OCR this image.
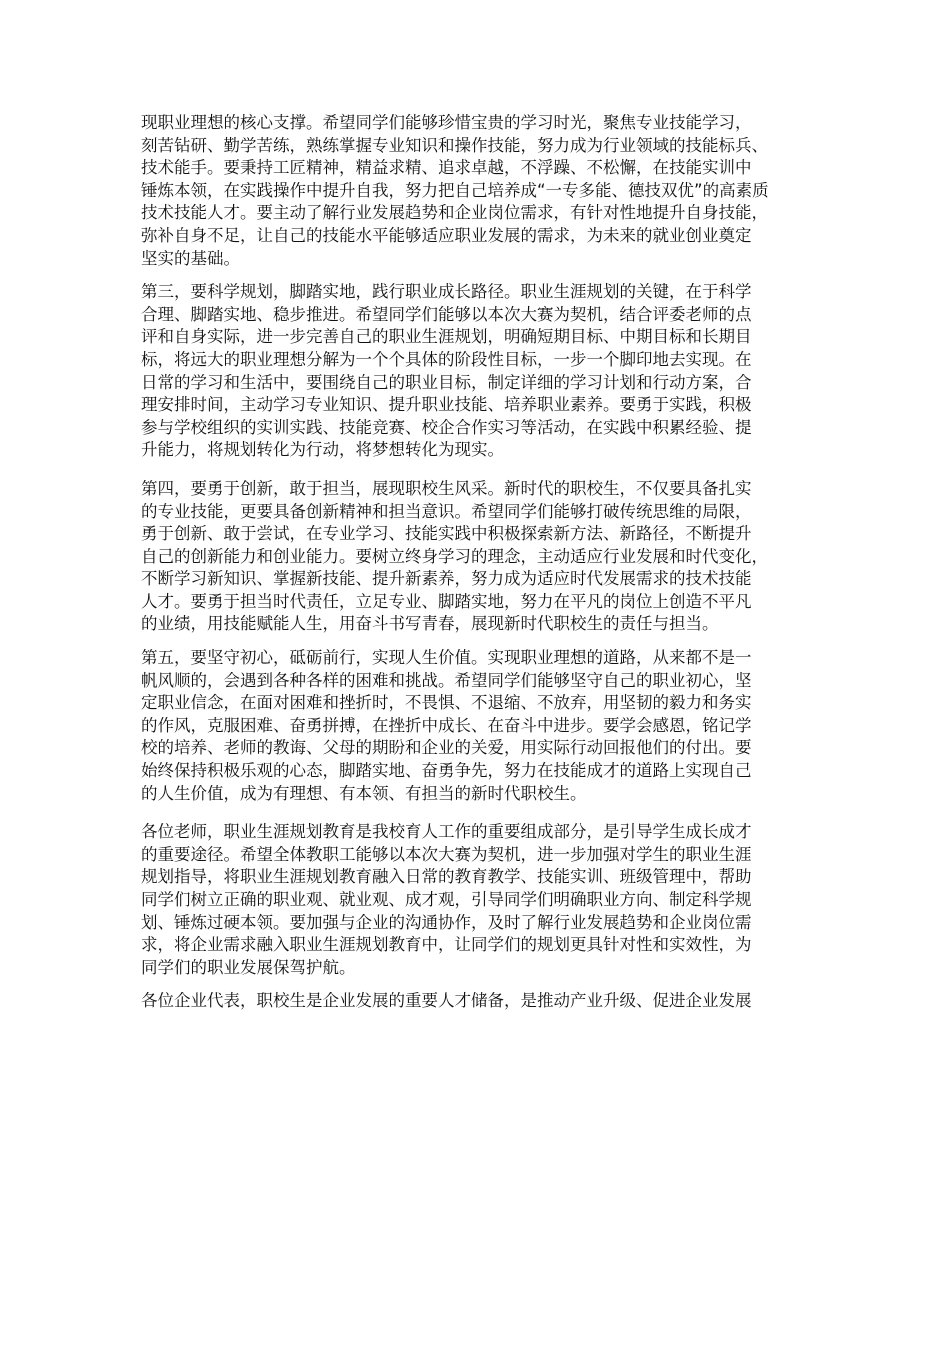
现职业理想的核心支撑。希望同学们能够珍惜宝贵的学习时光，聚焦专业技能学习，
刻苦钻研、勤学苦练，熟练掌握专业知识和操作技能，努力成为行业领域的技能标兵、
技术能手。要秉持工匠精神，精益求精、追求卓越，不浮躁、不松懈，在技能实训中
锤炼本领，在实践操作中提升自我，努力把自己培养成“一专多能、德技双优”的高素质
技术技能人才。要主动了解行业发展趋势和企业岗位需求，有针对性地提升自身技能，
弥补自身不足，让自己的技能水平能够适应职业发展的需求，为未来的就业创业奠定
坚实的基础。

第三，要科学规划，脚踏实地，践行职业成长路径。职业生涯规划的关键，在于科学
合理、脚踏实地、稳步推进。希望同学们能够以本次大赛为契机，结合评委老师的点
评和自身实际，进一步完善自己的职业生涯规划，明确短期目标、中期目标和长期目
标，将远大的职业理想分解为一个个具体的阶段性目标，一步一个脚印地去实现。在
日常的学习和生活中，要围绕自己的职业目标，制定详细的学习计划和行动方案，合
理安排时间，主动学习专业知识、提升职业技能、培养职业素养。要勇于实践，积极
参与学校组织的实训实践、技能竞赛、校企合作实习等活动，在实践中积累经验、提
升能力，将规划转化为行动，将梦想转化为现实。

第四，要勇于创新，敢于担当，展现职校生风采。新时代的职校生，不仅要具备扎实
的专业技能，更要具备创新精神和担当意识。希望同学们能够打破传统思维的局限，
勇于创新、敢于尝试，在专业学习、技能实践中积极探索新方法、新路径，不断提升
自己的创新能力和创业能力。要树立终身学习的理念，主动适应行业发展和时代变化，
不断学习新知识、掌握新技能、提升新素养，努力成为适应时代发展需求的技术技能
人才。要勇于担当时代责任，立足专业、脚踏实地，努力在平凡的岗位上创造不平凡
的业绩，用技能赋能人生，用奋斗书写青春，展现新时代职校生的责任与担当。

第五，要坚守初心，砥砺前行，实现人生价值。实现职业理想的道路，从来都不是一
帆风顺的，会遇到各种各样的困难和挑战。希望同学们能够坚守自己的职业初心，坚
定职业信念，在面对困难和挫折时，不畏惧、不退缩、不放弃，用坚韧的毅力和务实
的作风，克服困难、奋勇拼搏，在挫折中成长、在奋斗中进步。要学会感恩，铭记学
校的培养、老师的教诲、父母的期盼和企业的关爱，用实际行动回报他们的付出。要
始终保持积极乐观的心态，脚踏实地、奋勇争先，努力在技能成才的道路上实现自己
的人生价值，成为有理想、有本领、有担当的新时代职校生。

各位老师，职业生涯规划教育是我校育人工作的重要组成部分，是引导学生成长成才
的重要途径。希望全体教职工能够以本次大赛为契机，进一步加强对学生的职业生涯
规划指导，将职业生涯规划教育融入日常的教育教学、技能实训、班级管理中，帮助
同学们树立正确的职业观、就业观、成才观，引导同学们明确职业方向、制定科学规
划、锤炼过硬本领。要加强与企业的沟通协作，及时了解行业发展趋势和企业岗位需
求，将企业需求融入职业生涯规划教育中，让同学们的规划更具针对性和实效性，为
同学们的职业发展保驾护航。

各位企业代表，职校生是企业发展的重要人才储备，是推动产业升级、促进企业发展
